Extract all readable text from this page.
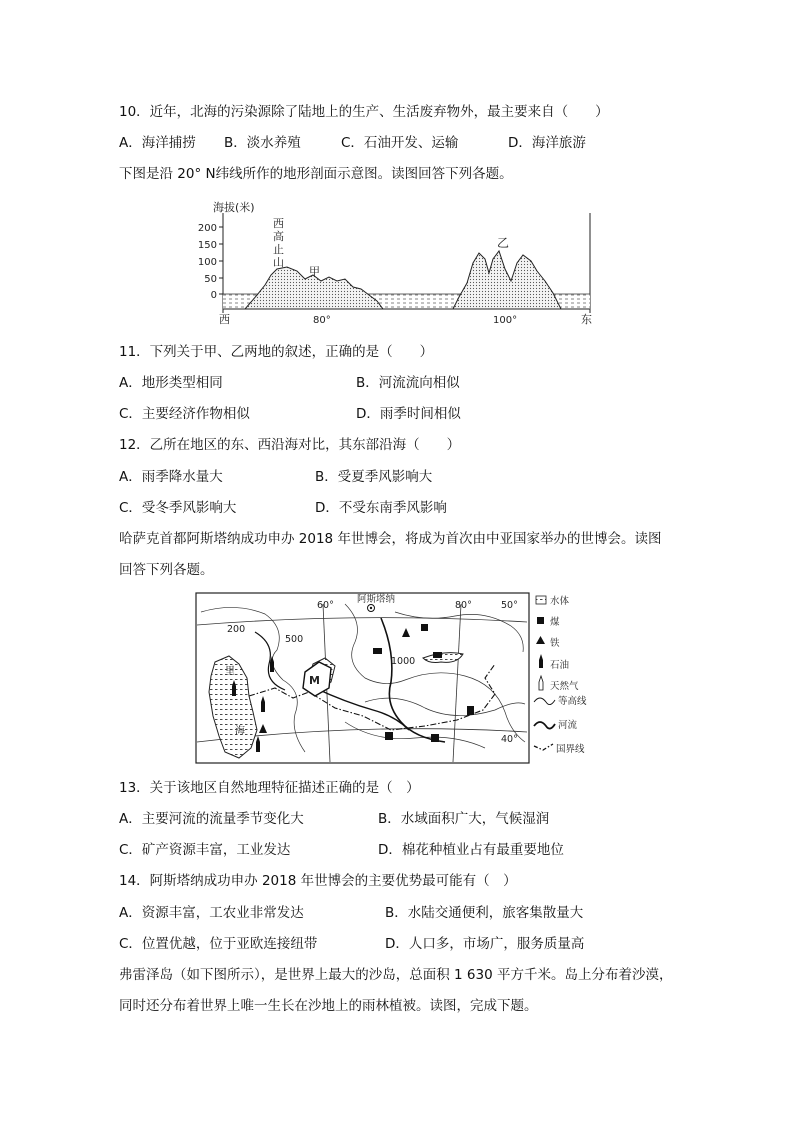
10．近年，北海的污染源除了陆地上的生产、生活废弃物外，最主要来自（　　）
A．海洋捕捞 B．淡水养殖	C．石油开发、运输	D．海洋旅游
下图是沿 20° N纬线所作的地形剖面示意图。读图回答下列各题。
海拔(米)
200
150
100
50
0
西
高
止
山
甲
乙
西	80°	100°	东
11．下列关于甲、乙两地的叙述，正确的是（　　）
A．地形类型相同	B．河流流向相似
C．主要经济作物相似	D．雨季时间相似
12．乙所在地区的东、西沿海对比，其东部沿海（　　）
A．雨季降水量大	B．受夏季风影响大
C．受冬季风影响大	D．不受东南季风影响
哈萨克首都阿斯塔纳成功申办 2018 年世博会，将成为首次由中亚国家举办的世博会。读图
回答下列各题。
阿斯塔纳
60°	80°	50°
40°
200
500
1000
M
里
海
水体
煤
铁
石油
天然气
等高线
河流
国界线
13．关于该地区自然地理特征描述正确的是（　）
A．主要河流的流量季节变化大	B．水域面积广大，气候湿润
C．矿产资源丰富，工业发达	D．棉花种植业占有最重要地位
14．阿斯塔纳成功申办 2018 年世博会的主要优势最可能有（　）
A．资源丰富，工农业非常发达	B．水陆交通便利，旅客集散量大
C．位置优越，位于亚欧连接纽带	D．人口多，市场广，服务质量高
弗雷泽岛（如下图所示），是世界上最大的沙岛，总面积 1 630 平方千米。岛上分布着沙漠，
同时还分布着世界上唯一生长在沙地上的雨林植被。读图，完成下题。
